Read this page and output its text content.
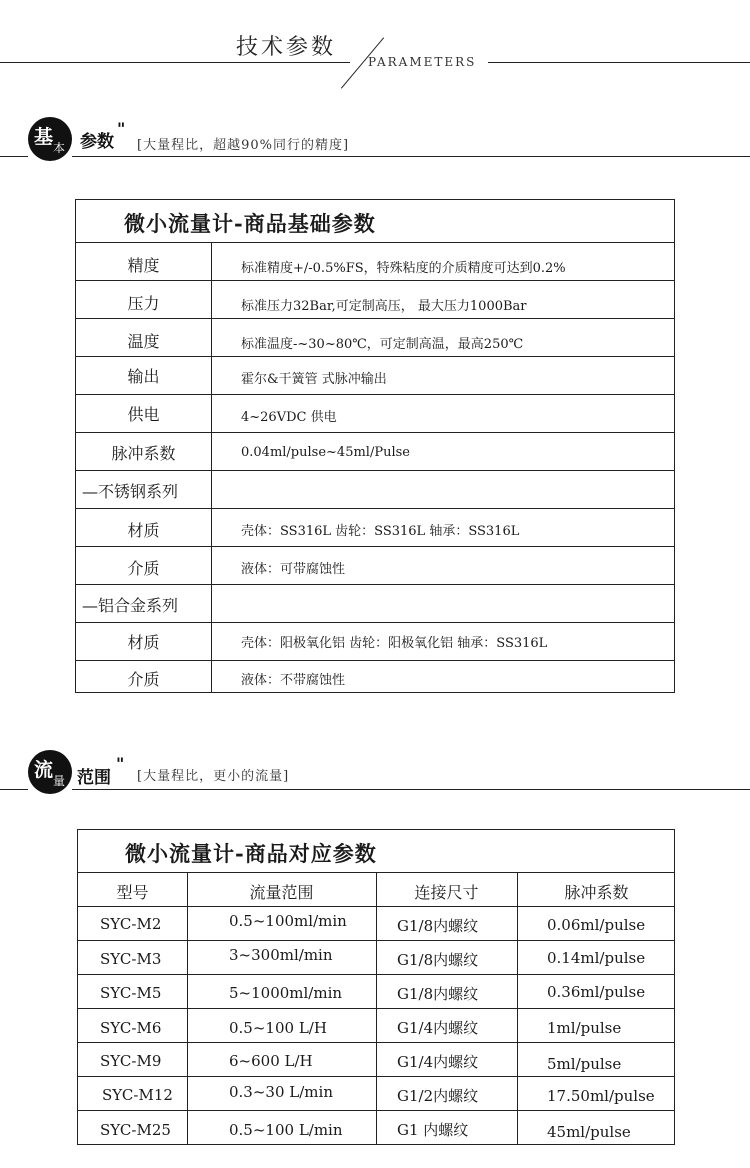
技术参数
PARAMETERS
基 本 参数
"
[大量程比，超越90%同行的精度]
微小流量计-商品基础参数
精度	标准精度+/-0.5%FS，特殊粘度的介质精度可达到0.2%
压力	标准压力32Bar,可定制高压， 最大压力1000Bar
温度	标准温度-~30~80℃，可定制高温，最高250℃
输出	霍尔&干簧管 式脉冲输出
供电	4~26VDC 供电
脉冲系数	0.04ml/pulse~45ml/Pulse
—不锈钢系列
材质	壳体：SS316L 齿轮：SS316L 轴承：SS316L
介质	液体：可带腐蚀性
—铝合金系列
材质	壳体：阳极氧化铝 齿轮：阳极氧化铝 轴承：SS316L
介质	液体：不带腐蚀性
流 量 范围
"
[大量程比，更小的流量]
微小流量计-商品对应参数
型号	流量范围	连接尺寸	脉冲系数
SYC-M2	0.5~100ml/min	G1/8内螺纹	0.06ml/pulse
SYC-M3	3~300ml/min	G1/8内螺纹	0.14ml/pulse
SYC-M5	5~1000ml/min	G1/8内螺纹	0.36ml/pulse
SYC-M6	0.5~100 L/H	G1/4内螺纹	1ml/pulse
SYC-M9	6~600 L/H	G1/4内螺纹	5ml/pulse
SYC-M12	0.3~30 L/min	G1/2内螺纹	17.50ml/pulse
SYC-M25	0.5~100 L/min	G1 内螺纹	45ml/pulse
